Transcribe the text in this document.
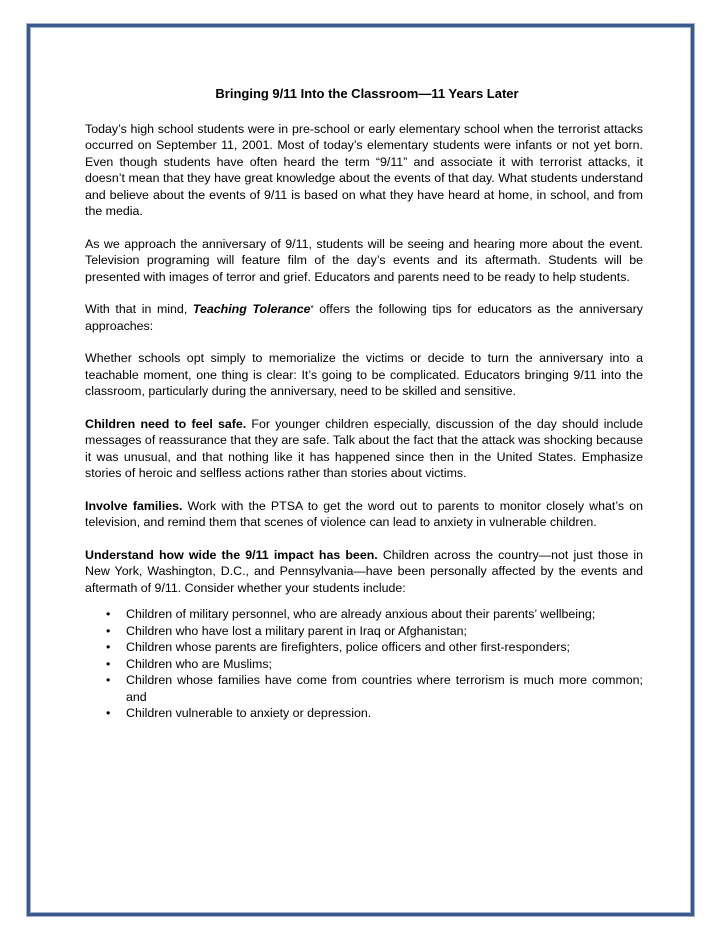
Bringing 9/11 Into the Classroom—11 Years Later

Today’s high school students were in pre-school or early elementary school when the terrorist attacks occurred on September 11, 2001. Most of today’s elementary students were infants or not yet born. Even though students have often heard the term “9/11” and associate it with terrorist attacks, it doesn’t mean that they have great knowledge about the events of that day. What students understand and believe about the events of 9/11 is based on what they have heard at home, in school, and from the media.

As we approach the anniversary of 9/11, students will be seeing and hearing more about the event. Television programing will feature film of the day’s events and its aftermath. Students will be presented with images of terror and grief. Educators and parents need to be ready to help students.

With that in mind, Teaching Tolerance* offers the following tips for educators as the anniversary approaches:

Whether schools opt simply to memorialize the victims or decide to turn the anniversary into a teachable moment, one thing is clear: It’s going to be complicated. Educators bringing 9/11 into the classroom, particularly during the anniversary, need to be skilled and sensitive.

Children need to feel safe. For younger children especially, discussion of the day should include messages of reassurance that they are safe. Talk about the fact that the attack was shocking because it was unusual, and that nothing like it has happened since then in the United States. Emphasize stories of heroic and selfless actions rather than stories about victims.

Involve families. Work with the PTSA to get the word out to parents to monitor closely what’s on television, and remind them that scenes of violence can lead to anxiety in vulnerable children.

Understand how wide the 9/11 impact has been. Children across the country—not just those in New York, Washington, D.C., and Pennsylvania—have been personally affected by the events and aftermath of 9/11. Consider whether your students include:

• Children of military personnel, who are already anxious about their parents’ wellbeing;
• Children who have lost a military parent in Iraq or Afghanistan;
• Children whose parents are firefighters, police officers and other first-responders;
• Children who are Muslims;
• Children whose families have come from countries where terrorism is much more common; and
• Children vulnerable to anxiety or depression.
